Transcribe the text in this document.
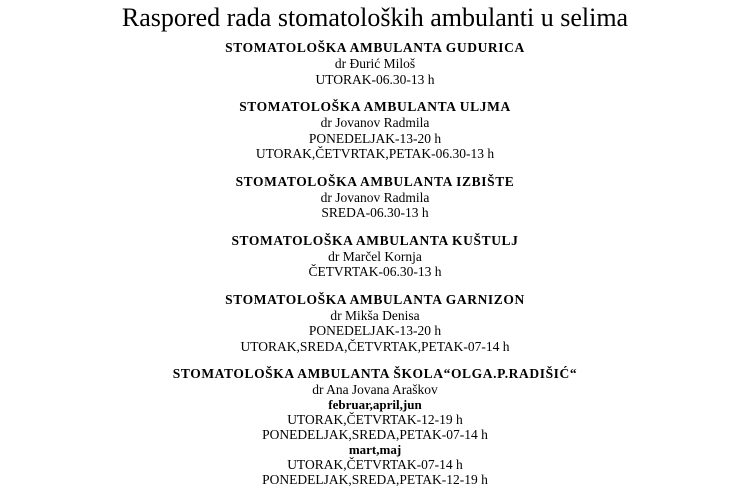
Raspored rada stomatoloških ambulanti u selima
STOMATOLOŠKA AMBULANTA GUDURICA
dr Đurić Miloš
UTORAK-06.30-13 h
STOMATOLOŠKA AMBULANTA ULJMA
dr Jovanov Radmila
PONEDELJAK-13-20 h
UTORAK,ČETVRTAK,PETAK-06.30-13 h
STOMATOLOŠKA AMBULANTA IZBIŠTE
dr Jovanov Radmila
SREDA-06.30-13 h
STOMATOLOŠKA AMBULANTA KUŠTULJ
dr Marčel Kornja
ČETVRTAK-06.30-13 h
STOMATOLOŠKA AMBULANTA GARNIZON
dr Mikša Denisa
PONEDELJAK-13-20 h
UTORAK,SREDA,ČETVRTAK,PETAK-07-14 h
STOMATOLOŠKA AMBULANTA ŠKOLA“OLGA.P.RADIŠIĆ“
dr Ana Jovana Araškov
februar,april,jun
UTORAK,ČETVRTAK-12-19 h
PONEDELJAK,SREDA,PETAK-07-14 h
mart,maj
UTORAK,ČETVRTAK-07-14 h
PONEDELJAK,SREDA,PETAK-12-19 h
